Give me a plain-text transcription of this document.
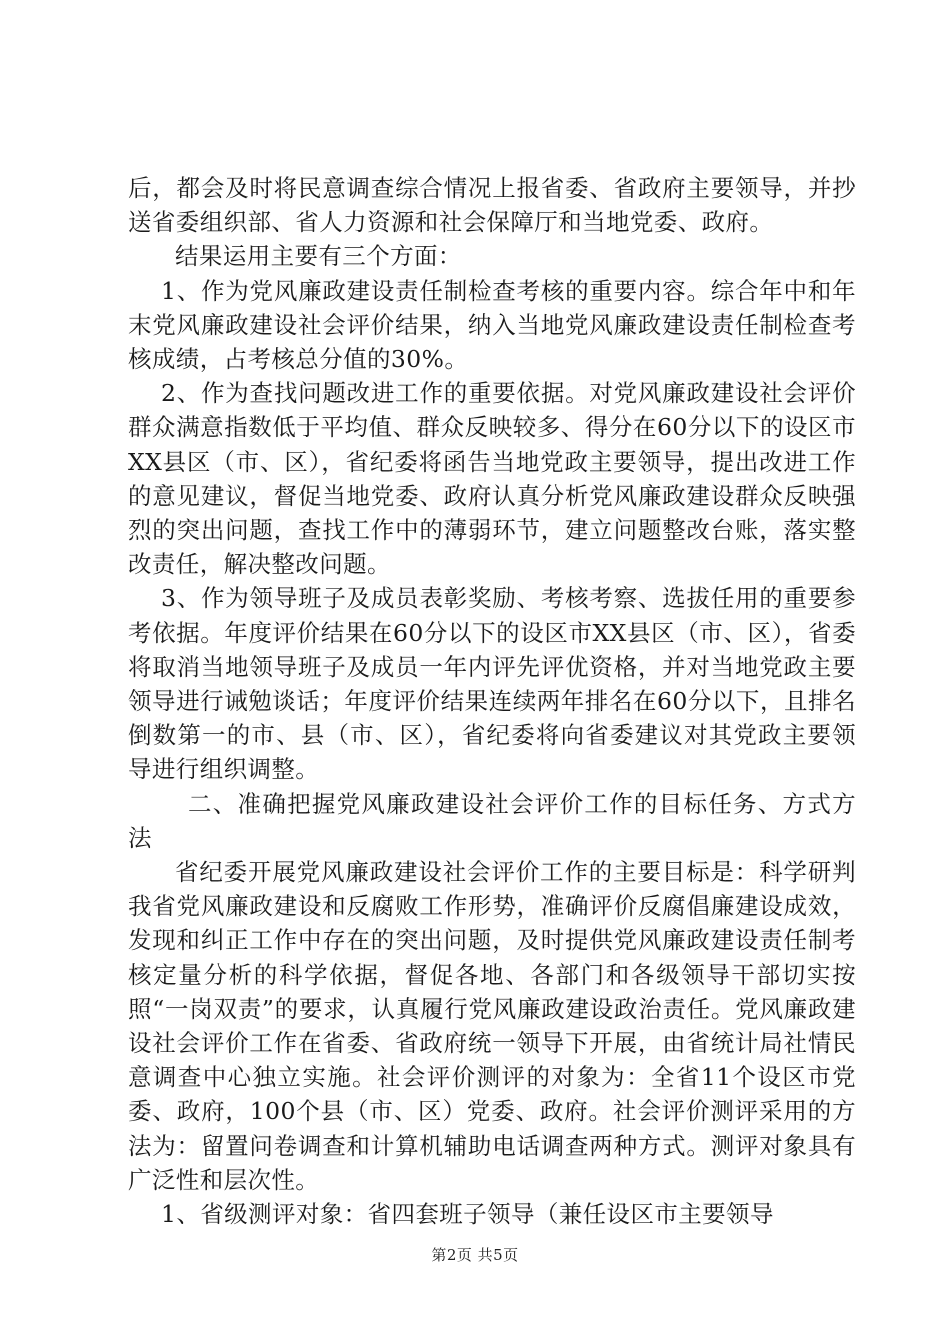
后，都会及时将民意调查综合情况上报省委、省政府主要领导，并抄送省委组织部、省人力资源和社会保障厅和当地党委、政府。

结果运用主要有三个方面：

1、作为党风廉政建设责任制检查考核的重要内容。综合年中和年末党风廉政建设社会评价结果，纳入当地党风廉政建设责任制检查考核成绩，占考核总分值的30%。

2、作为查找问题改进工作的重要依据。对党风廉政建设社会评价群众满意指数低于平均值、群众反映较多、得分在60分以下的设区市XX县区（市、区），省纪委将函告当地党政主要领导，提出改进工作的意见建议，督促当地党委、政府认真分析党风廉政建设群众反映强烈的突出问题，查找工作中的薄弱环节，建立问题整改台账，落实整改责任，解决整改问题。

3、作为领导班子及成员表彰奖励、考核考察、选拔任用的重要参考依据。年度评价结果在60分以下的设区市XX县区（市、区），省委将取消当地领导班子及成员一年内评先评优资格，并对当地党政主要领导进行诫勉谈话；年度评价结果连续两年排名在60分以下，且排名倒数第一的市、县（市、区），省纪委将向省委建议对其党政主要领导进行组织调整。

二、准确把握党风廉政建设社会评价工作的目标任务、方式方法

省纪委开展党风廉政建设社会评价工作的主要目标是：科学研判我省党风廉政建设和反腐败工作形势，准确评价反腐倡廉建设成效，发现和纠正工作中存在的突出问题，及时提供党风廉政建设责任制考核定量分析的科学依据，督促各地、各部门和各级领导干部切实按照“一岗双责”的要求，认真履行党风廉政建设政治责任。党风廉政建设社会评价工作在省委、省政府统一领导下开展，由省统计局社情民意调查中心独立实施。社会评价测评的对象为：全省11个设区市党委、政府，100个县（市、区）党委、政府。社会评价测评采用的方法为：留置问卷调查和计算机辅助电话调查两种方式。测评对象具有广泛性和层次性。

1、省级测评对象：省四套班子领导（兼任设区市主要领导

第2页 共5页
